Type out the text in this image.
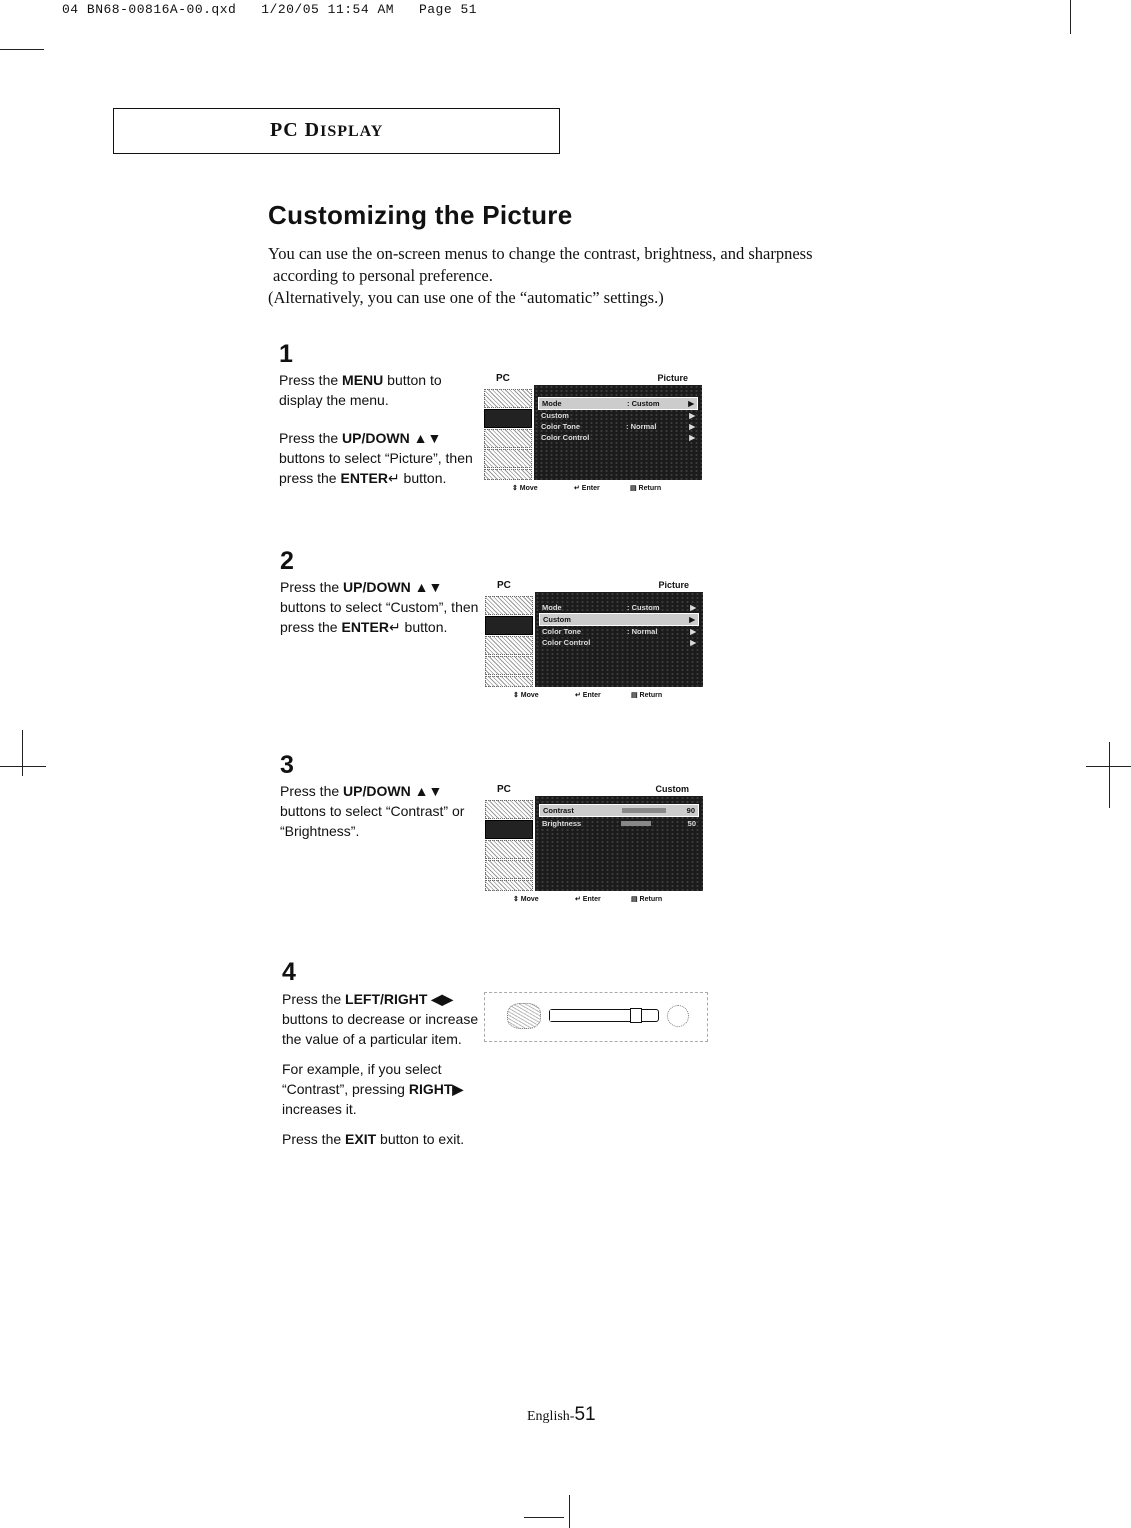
04 BN68-00816A-00.qxd   1/20/05 11:54 AM   Page 51
PC DISPLAY
Customizing the Picture

You can use the on-screen menus to change the contrast, brightness, and sharpness

according to personal preference.

(Alternatively, you can use one of the “automatic” settings.)

1

Press the MENU button to display the menu.

Press the UP/DOWN ▲▼ buttons to select “Picture”, then press the ENTER↵ button.

PC	Picture
Mode	: Custom	▶
Custom	▶
Color Tone	: Normal	▶
Color Control	▶
⇕ Move	↵ Enter	▤ Return
2

Press the UP/DOWN ▲▼ buttons to select “Custom”, then press the ENTER↵ button.

PC	Picture
Mode	: Custom	▶
Custom	▶
Color Tone	: Normal	▶
Color Control	▶
⇕ Move	↵ Enter	▤ Return
3

Press the UP/DOWN ▲▼ buttons to select “Contrast” or “Brightness”.

PC	Custom
Contrast	90
Brightness	50
⇕ Move	↵ Enter	▤ Return
4

Press the LEFT/RIGHT ◀▶ buttons to decrease or increase the value of a particular item.

For example, if you select “Contrast”, pressing RIGHT▶ increases it.

Press the EXIT button to exit.

English-51
